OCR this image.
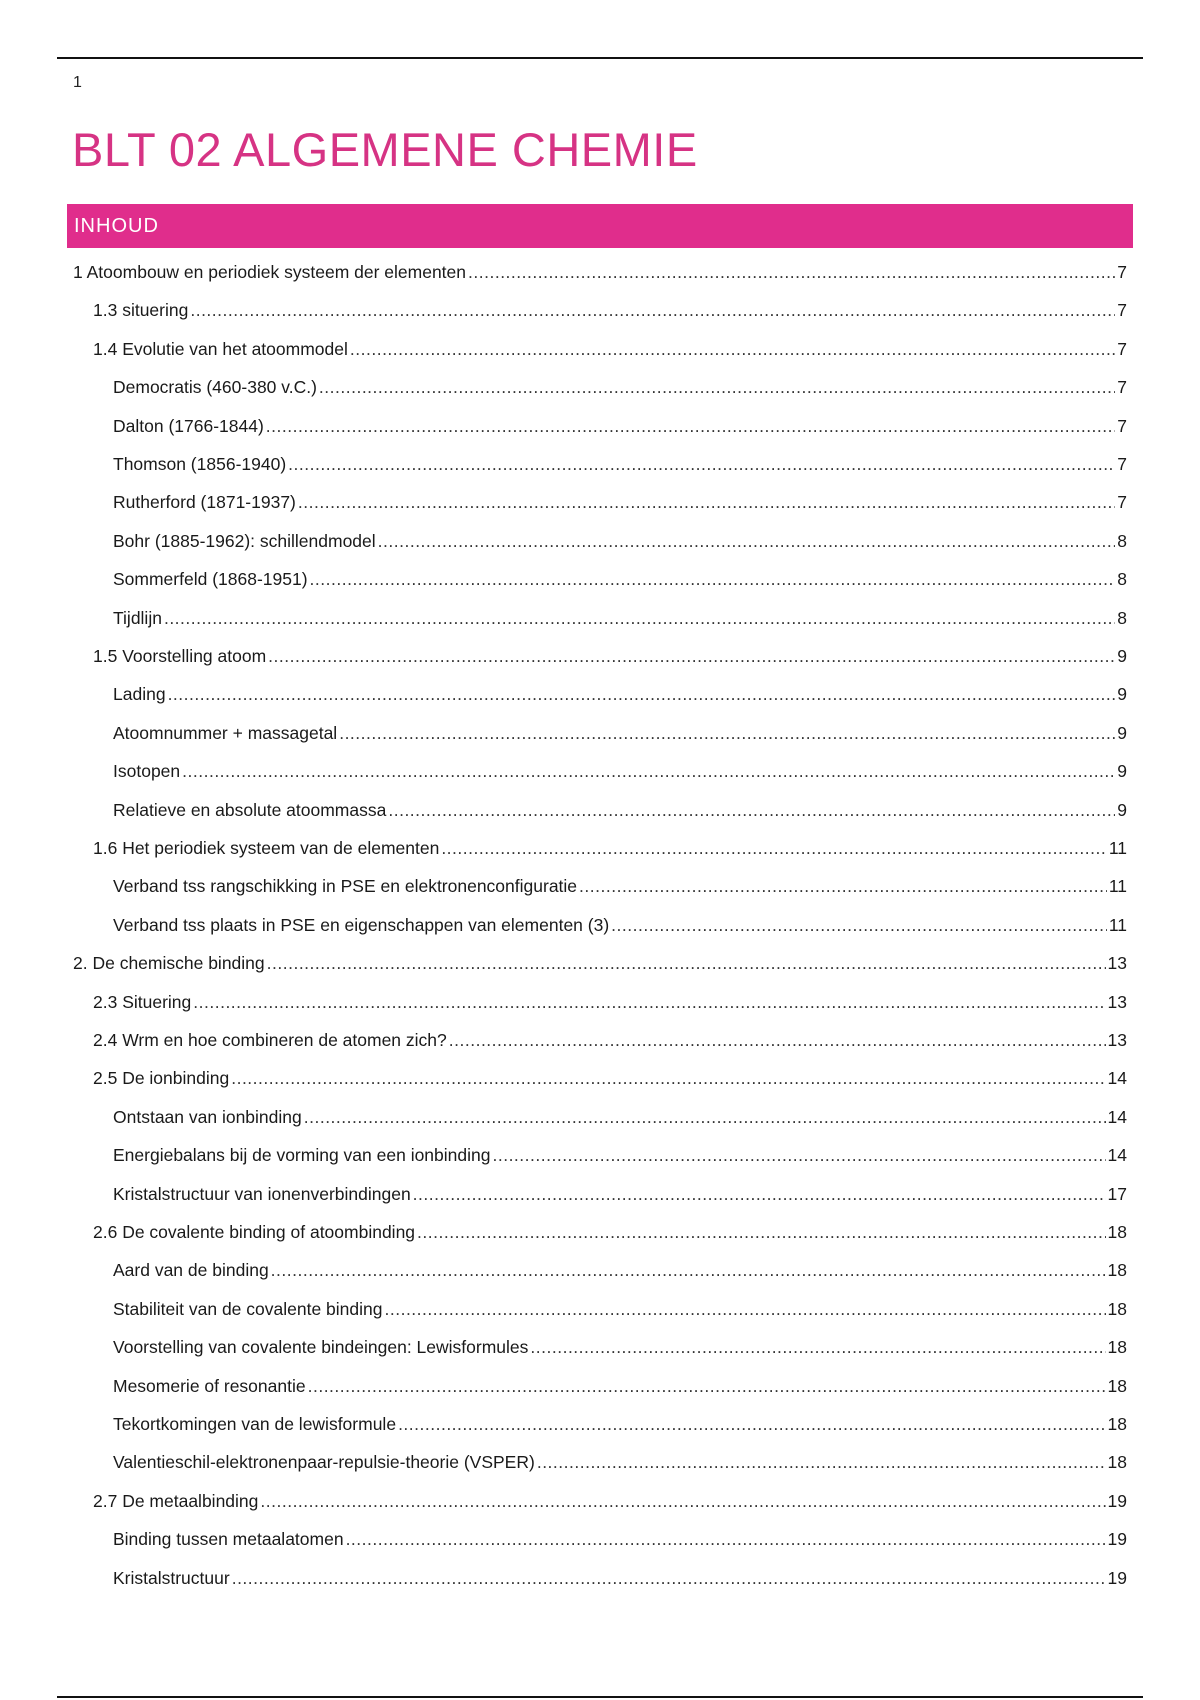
1
BLT 02 ALGEMENE CHEMIE
INHOUD
1 Atoombouw en periodiek systeem der elementen .....	7
1.3 situering .....	7
1.4 Evolutie van het atoommodel .....	7
Democratis (460-380 v.C.) .....	7
Dalton (1766-1844) .....	7
Thomson (1856-1940) .....	7
Rutherford (1871-1937) .....	7
Bohr (1885-1962): schillendmodel .....	8
Sommerfeld (1868-1951) .....	8
Tijdlijn .....	8
1.5 Voorstelling atoom .....	9
Lading .....	9
Atoomnummer + massagetal .....	9
Isotopen .....	9
Relatieve en absolute atoommassa .....	9
1.6 Het periodiek systeem van de elementen .....	11
Verband tss rangschikking in PSE en elektronenconfiguratie .....	11
Verband tss plaats in PSE en eigenschappen van elementen (3) .....	11
2. De chemische binding .....	13
2.3 Situering .....	13
2.4 Wrm en hoe combineren de atomen zich? .....	13
2.5 De ionbinding .....	14
Ontstaan van ionbinding .....	14
Energiebalans bij de vorming van een ionbinding .....	14
Kristalstructuur van ionenverbindingen .....	17
2.6 De covalente binding of atoombinding .....	18
Aard van de binding .....	18
Stabiliteit van de covalente binding .....	18
Voorstelling van covalente bindeingen: Lewisformules .....	18
Mesomerie of resonantie .....	18
Tekortkomingen van de lewisformule .....	18
Valentieschil-elektronenpaar-repulsie-theorie (VSPER) .....	18
2.7 De metaalbinding .....	19
Binding tussen metaalatomen .....	19
Kristalstructuur .....	19
